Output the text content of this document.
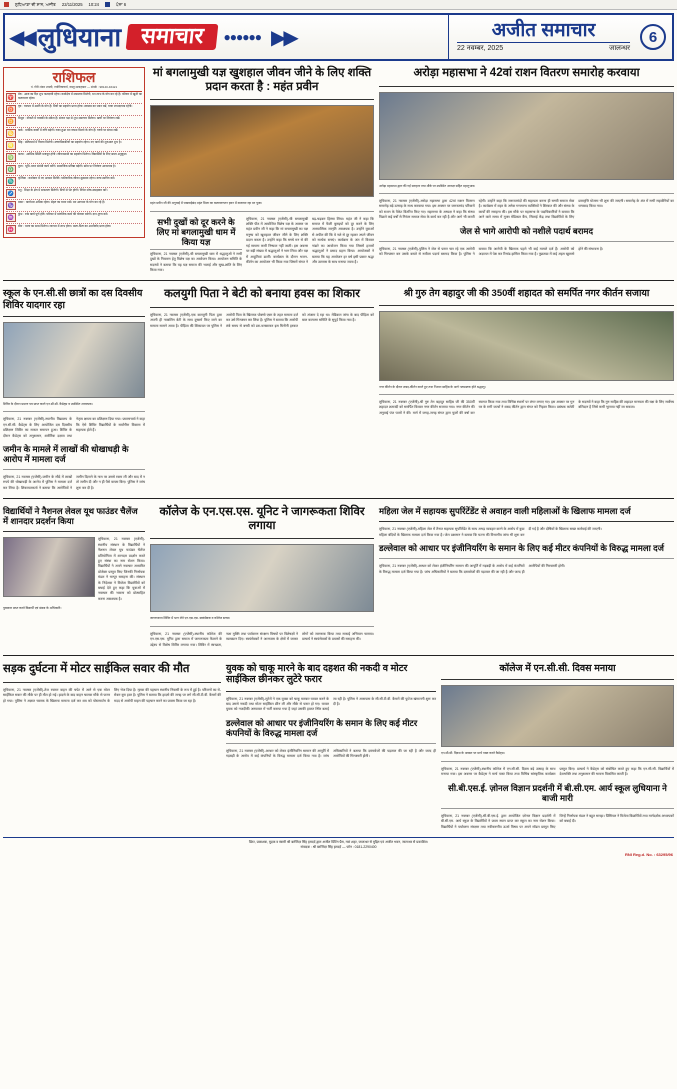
ਲੁਧਿਆਣਾ ਦੀ ਸ਼ਾਨ, ਅਜੀਤ 22/11/2025 10:24	ਪੰਨਾ 6
◀◀ लुधियाना समाचार	●●●●●● ▶▶	अजीत समाचार
22 नवम्बर, 2025	जालन्धर
6
राशिफल
पं. गौरी शंकर शास्त्री, ज्योतिषाचार्य, वास्तु सलाहकार — संपर्क : 98140-46421
♈
मेष : आज का दिन शुभ फलदायी रहेगा। कार्यक्षेत्र में सफलता मिलेगी, धन लाभ के योग बन रहे हैं। परिवार में खुशी का वातावरण रहेगा।
♉
वृष : व्यापार में उन्नति के योग हैं। मित्रों का सहयोग प्राप्त होगा। स्वास्थ्य का ध्यान रखें, यात्रा लाभदायक रहेगी।
♊
मिथुन : नौकरी में तरक्की के संकेत हैं। संतान पक्ष से शुभ समाचार मिलेगा। खर्चों पर नियंत्रण रखें।
♋
कर्क : धार्मिक कार्यों में रुचि बढ़ेगी। रुका हुआ धन वापस मिलने के योग हैं। वाणी पर संयम रखें।
♌
सिंह : प्रतिस्पर्धा में विजय मिलेगी। उच्चाधिकारियों का सहयोग रहेगा। नए कार्य की शुरुआत शुभ है।
♍
कन्या : आर्थिक स्थिति मजबूत होगी। जीवनसाथी का सहयोग मिलेगा। विद्यार्थियों के लिए समय अनुकूल।
♎
तुला : भूमि-भवन संबंधी कार्य बनेंगे। सामाजिक प्रतिष्ठा बढ़ेगी। क्रोध पर नियंत्रण आवश्यक है।
♏
वृश्चिक : कारोबार में नए अवसर मिलेंगे। पारिवारिक जीवन सुखमय रहेगा। यात्रा स्थगित करें।
♐
धनु : शिक्षा के क्षेत्र में सफलता मिलेगी। मित्रों से भेंट होगी। निवेश सोच-समझकर करें।
♑
मकर : कार्यभार अधिक रहेगा। सेहत का ध्यान रखें। धन आगमन के योग बन रहे हैं।
♒
कुंभ : रुके कार्य पूर्ण होंगे। परिवार में मांगलिक कार्य की योजना बनेगी। दान-पुण्य करें।
♓
मीन : भाग्य का साथ मिलेगा। व्यापार में लाभ होगा। माता-पिता का आशीर्वाद प्राप्त होगा।
मां बगलामुखी यज्ञ खुशहाल जीवन जीने के लिए शक्ति प्रदान करता है : महंत प्रवीन
महंत प्रवीन जी की अगुवाई में पखवाड़ेबंद महंत मिला का वातावरण्जन हवन में कलावट रहा मर पूजा।
सभी दुखों को दूर करने के लिए मां बगलामुखी धाम में किया यज्ञ
लुधियाना, 21 नवम्बर (एजेंसी)-श्री बगलामुखी धाम में श्रद्धालुओं ने सभी दुखों के निवारण हेतु विशेष यज्ञ का आयोजन किया। आयोजन समिति के सदस्यों ने बताया कि यह यज्ञ समाज की भलाई और सुख-शांति के लिए किया गया।
लुधियाना, 21 नवम्बर (एजेंसी)-श्री बगलामुखी शक्ति पीठ में आयोजित विशेष यज्ञ के अवसर पर महंत प्रवीन जी ने कहा कि मां बगलामुखी का यज्ञ मनुष्य को खुशहाल जीवन जीने के लिए शक्ति प्रदान करता है। उन्होंने कहा कि सच्चे मन से की गई साधना कभी निष्फल नहीं जाती। इस अवसर पर बड़ी संख्या में श्रद्धालुओं ने भाग लिया और यज्ञ में आहुतियां डालीं। कार्यक्रम के दौरान भजन-कीर्तन का आयोजन भी किया गया जिसमें संगत ने बढ़-चढ़कर हिस्सा लिया। महंत जी ने कहा कि समाज में फैली बुराइयों को दूर करने के लिए आध्यात्मिक जागृति आवश्यक है। उन्होंने युवाओं से अपील की कि वे नशे से दूर रहकर अपने जीवन को सार्थक बनाएं। कार्यक्रम के अंत में विशाल भंडारे का आयोजन किया गया जिसमें हजारों श्रद्धालुओं ने प्रसाद ग्रहण किया। आयोजकों ने बताया कि यह आयोजन हर वर्ष इसी प्रकार श्रद्धा और उल्लास के साथ मनाया जाता है।
अरोड़ा महासभा ने 42वां राशन वितरण समारोह करवाया
अरोड़ा महासभा द्वारा की गई सराहना तथा मौके पर उपस्थित अध्यक्ष सहित महानुभाव।
लुधियाना, 21 नवम्बर (एजेंसी)-अरोड़ा महासभा द्वारा 42वां राशन वितरण समारोह बड़े उत्साह के साथ करवाया गया। इस अवसर पर जरूरतमंद परिवारों को राशन के पैकेट वितरित किए गए। महासभा के अध्यक्ष ने कहा कि संस्था पिछले कई वर्षों से निरंतर समाज सेवा के कार्य कर रही है और आगे भी करती रहेगी। उन्होंने कहा कि जरूरतमंदों की सहायता करना ही सच्ची समाज सेवा है। कार्यक्रम में शहर के अनेक गणमान्य व्यक्तियों ने शिरकत की और संस्था के कार्यों की सराहना की। इस मौके पर महासभा के पदाधिकारियों ने बताया कि आने वाले समय में मुफ्त मेडिकल कैंप, सिलाई केंद्र तथा विद्यार्थियों के लिए छात्रवृत्ति योजना भी शुरू की जाएगी। समारोह के अंत में सभी सहयोगियों का धन्यवाद किया गया।
जेल से भागे आरोपी को नशीले पदार्थ बरामद
लुधियाना, 21 नवम्बर (एजेंसी)-पुलिस ने जेल से फरार चल रहे एक आरोपी को गिरफ्तार कर उसके कब्जे से नशीला पदार्थ बरामद किया है। पुलिस ने बताया कि आरोपी के खिलाफ पहले भी कई मामले दर्ज हैं। आरोपी को अदालत में पेश कर रिमांड हासिल किया गया है। पूछताछ में कई अहम खुलासे होने की संभावना है।
स्कूल के एन.सी.सी छात्रों का दस दिवसीय शिविर यादगार रहा
शिविर के दौरान प्रमाण पत्र प्राप्त करते एन.सी.सी. कैडेट्स व उपस्थित अध्यापक।
लुधियाना, 21 नवम्बर (एजेंसी)-स्थानीय विद्यालय के एन.सी.सी. कैडेट्स के लिए आयोजित दस दिवसीय प्रशिक्षण शिविर का सफल समापन हुआ। शिविर के दौरान कैडेट्स को अनुशासन, शारीरिक दक्षता तथा नेतृत्व क्षमता का प्रशिक्षण दिया गया। प्रधानाचार्य ने कहा कि ऐसे शिविर विद्यार्थियों के सर्वांगीण विकास में सहायक होते हैं।
जमीन के मामले में लाखों की धोखाधड़ी के आरोप में मामला दर्ज
लुधियाना, 21 नवम्बर (एजेंसी)-जमीन के सौदे में लाखों रुपये की धोखाधड़ी के आरोप में पुलिस ने मामला दर्ज कर लिया है। शिकायतकर्ता ने बताया कि आरोपियों ने जमीन दिलाने के नाम पर उससे रकम ली और बाद में न तो जमीन दी और न ही पैसे वापस किए। पुलिस ने जांच शुरू कर दी है।
कलयुगी पिता ने बेटी को बनाया हवस का शिकार
लुधियाना, 21 नवम्बर (एजेंसी)-एक कलयुगी पिता द्वारा अपनी ही नाबालिग बेटी के साथ दुष्कर्म किए जाने का मामला सामने आया है। पीड़िता की शिकायत पर पुलिस ने आरोपी पिता के खिलाफ पोक्सो एक्ट के तहत मामला दर्ज कर उसे गिरफ्तार कर लिया है। पुलिस ने बताया कि आरोपी लंबे समय से बच्ची को डरा-धमकाकर इस घिनौनी हरकत को अंजाम दे रहा था। मेडिकल जांच के बाद पीड़िता को बाल कल्याण समिति के सुपुर्द किया गया है।
श्री गुरु तेग बहादुर जी की 350वीं शहादत को समर्पित नगर कीर्तन सजाया
नगर कीर्तन के दौरान शबद-कीर्तन करते हुए तथा निशान साहिब के आगे नतमस्तक होते श्रद्धालु।
लुधियाना, 21 नवम्बर (एजेंसी)-श्री गुरु तेग बहादुर साहिब जी की 350वीं शहादत शताब्दी को समर्पित विशाल नगर कीर्तन सजाया गया। नगर कीर्तन की अगुवाई पंज प्यारों ने की। मार्ग में जगह-जगह संगत द्वारा फूलों की वर्षा कर स्वागत किया गया तथा विभिन्न स्थानों पर लंगर लगाए गए। इस अवसर पर गुरु घर के रागी जत्थों ने शबद कीर्तन द्वारा संगत को निहाल किया। प्रबंधक कमेटी के सदस्यों ने कहा कि गुरु साहिब की शहादत मानवता की रक्षा के लिए सर्वोच्च बलिदान है जिसे कभी भुलाया नहीं जा सकता।
विद्यार्थियों ने नैशनल लेवल यूथ फाउंडर चैलेंज में शानदार प्रदर्शन किया
लुधियाना, 21 नवम्बर (एजेंसी)-स्थानीय संस्थान के विद्यार्थियों ने नैशनल लेवल यूथ फाउंडर चैलेंज प्रतियोगिता में शानदार प्रदर्शन करते हुए संस्था का नाम रोशन किया। विद्यार्थियों ने अपने नवाचार आधारित प्रोजेक्ट प्रस्तुत किए जिनकी निर्णायक मंडल ने भरपूर सराहना की। संस्थान के निदेशक ने विजेता विद्यार्थियों को बधाई देते हुए कहा कि युवाओं में नवाचार की भावना को प्रोत्साहित करना आवश्यक है।
पुरस्कार प्राप्त करते विद्यार्थी एवं संस्था के अधिकारी।
कॉलेज के एन.एस.एस. यूनिट ने जागरूकता शिविर लगाया
जागरूकता शिविर में भाग लेते एन.एस.एस. स्वयंसेवक व कॉलेज स्टाफ।
लुधियाना, 21 नवम्बर (एजेंसी)-स्थानीय कॉलेज की एन.एस.एस. यूनिट द्वारा समाज में जागरूकता फैलाने के उद्देश्य से विशेष शिविर लगाया गया। शिविर में स्वच्छता, नशा मुक्ति तथा पर्यावरण संरक्षण विषयों पर विशेषज्ञों ने व्याख्यान दिए। स्वयंसेवकों ने आसपास के क्षेत्रों में जाकर लोगों को जागरूक किया तथा सफाई अभियान चलाया। प्राचार्य ने स्वयंसेवकों के प्रयासों की सराहना की।
महिला जेल में सहायक सुपरिंटेंडेंट से अवाहन वाली महिलाओं के खिलाफ मामला दर्ज
लुधियाना, 21 नवम्बर (एजेंसी)-महिला जेल में तैनात सहायक सुपरिंटेंडेंट के साथ अभद्र व्यवहार करने के आरोप में कुछ महिला बंदियों के खिलाफ मामला दर्ज किया गया है। जेल प्रशासन ने बताया कि घटना की विभागीय जांच भी शुरू कर दी गई है और दोषियों के खिलाफ सख्त कार्रवाई की जाएगी।
डल्लेवाल को आधार पर इंजीनियरिंग के समान के लिए कई मीटर कंपनियों के विरुद्ध मामला दर्ज
लुधियाना, 21 नवम्बर (एजेंसी)-आधार को लेकर इंजीनियरिंग सामान की आपूर्ति में गड़बड़ी के आरोप में कई कंपनियों के विरुद्ध मामला दर्ज किया गया है। जांच अधिकारियों ने बताया कि दस्तावेजों की पड़ताल की जा रही है और जल्द ही आरोपियों की गिरफ्तारी होगी।
सड़क दुर्घटना में मोटर साईकिल सवार की मौत
लुधियाना, 21 नवम्बर (एजेंसी)-तेज रफ्तार वाहन की चपेट में आने से एक मोटर साईकिल सवार की मौके पर ही मौत हो गई। हादसे के बाद वाहन चालक मौके से फरार हो गया। पुलिस ने अज्ञात चालक के खिलाफ मामला दर्ज कर शव को पोस्टमार्टम के लिए भेज दिया है। मृतक की पहचान स्थानीय निवासी के रूप में हुई है। परिजनों का रो-रोकर बुरा हाल है। पुलिस ने बताया कि हादसे की जगह पर लगे सी.सी.टी.वी. कैमरों की मदद से आरोपी वाहन की पहचान करने का प्रयास किया जा रहा है।
युवक को चाकू मारने के बाद दहशत की नकदी व मोटर साईकिल छीनकर लुटेरे फरार
लुधियाना, 21 नवम्बर (एजेंसी)-लुटेरों ने एक युवक को चाकू मारकर घायल करने के बाद उससे नकदी तथा मोटर साईकिल छीन ली और मौके से फरार हो गए। घायल युवक को नजदीकी अस्पताल में भर्ती कराया गया है जहां उसकी हालत स्थिर बताई जा रही है। पुलिस ने आसपास के सी.सी.टी.वी. कैमरों की फुटेज खंगालनी शुरू कर दी है।
डल्लेवाल को आधार पर इंजीनियरिंग के समान के लिए कई मीटर कंपनियों के विरुद्ध मामला दर्ज
लुधियाना, 21 नवम्बर (एजेंसी)-आधार को लेकर इंजीनियरिंग सामान की आपूर्ति में गड़बड़ी के आरोप में कई कंपनियों के विरुद्ध मामला दर्ज किया गया है। जांच अधिकारियों ने बताया कि दस्तावेजों की पड़ताल की जा रही है और जल्द ही आरोपियों की गिरफ्तारी होगी।
कॉलेज में एन.सी.सी. दिवस मनाया
एन.सी.सी. दिवस के अवसर पर मार्च पास्ट करते कैडेट्स।
लुधियाना, 21 नवम्बर (एजेंसी)-स्थानीय कॉलेज में एन.सी.सी. दिवस बड़े उत्साह के साथ मनाया गया। इस अवसर पर कैडेट्स ने मार्च पास्ट किया तथा विभिन्न सांस्कृतिक कार्यक्रम प्रस्तुत किए। प्राचार्य ने कैडेट्स को संबोधित करते हुए कहा कि एन.सी.सी. विद्यार्थियों में देशभक्ति तथा अनुशासन की भावना विकसित करती है।
सी.बी.एस.ई. ज़ोनल विज्ञान प्रदर्शनी में बी.सी.एम. आर्य स्कूल लुधियाना ने बाजी मारी
लुधियाना, 21 नवम्बर (एजेंसी)-सी.बी.एस.ई. द्वारा आयोजित ज़ोनल विज्ञान प्रदर्शनी में बी.सी.एम. आर्य स्कूल के विद्यार्थियों ने प्रथम स्थान प्राप्त कर स्कूल का नाम रोशन किया। विद्यार्थियों ने पर्यावरण संरक्षण तथा नवीकरणीय ऊर्जा विषय पर अपने मॉडल प्रस्तुत किए जिन्हें निर्णायक मंडल ने बहुत सराहा। प्रिंसिपल ने विजेता विद्यार्थियों तथा मार्गदर्शक अध्यापकों को बधाई दी।
प्रिंटर, प्रकाशक, मुद्रक व स्वामी श्री बरजिंदर सिंह हमदर्द द्वारा अजीत प्रिंटिंग प्रैस, नवां शहर, जालन्धर से मुद्रित एवं अजीत भवन, जालन्धर से प्रकाशित।
संपादक : श्री बरजिंदर सिंह हमदर्द — फोन : 0181-2290400
RNI Reg.d. No. : 63295/96
